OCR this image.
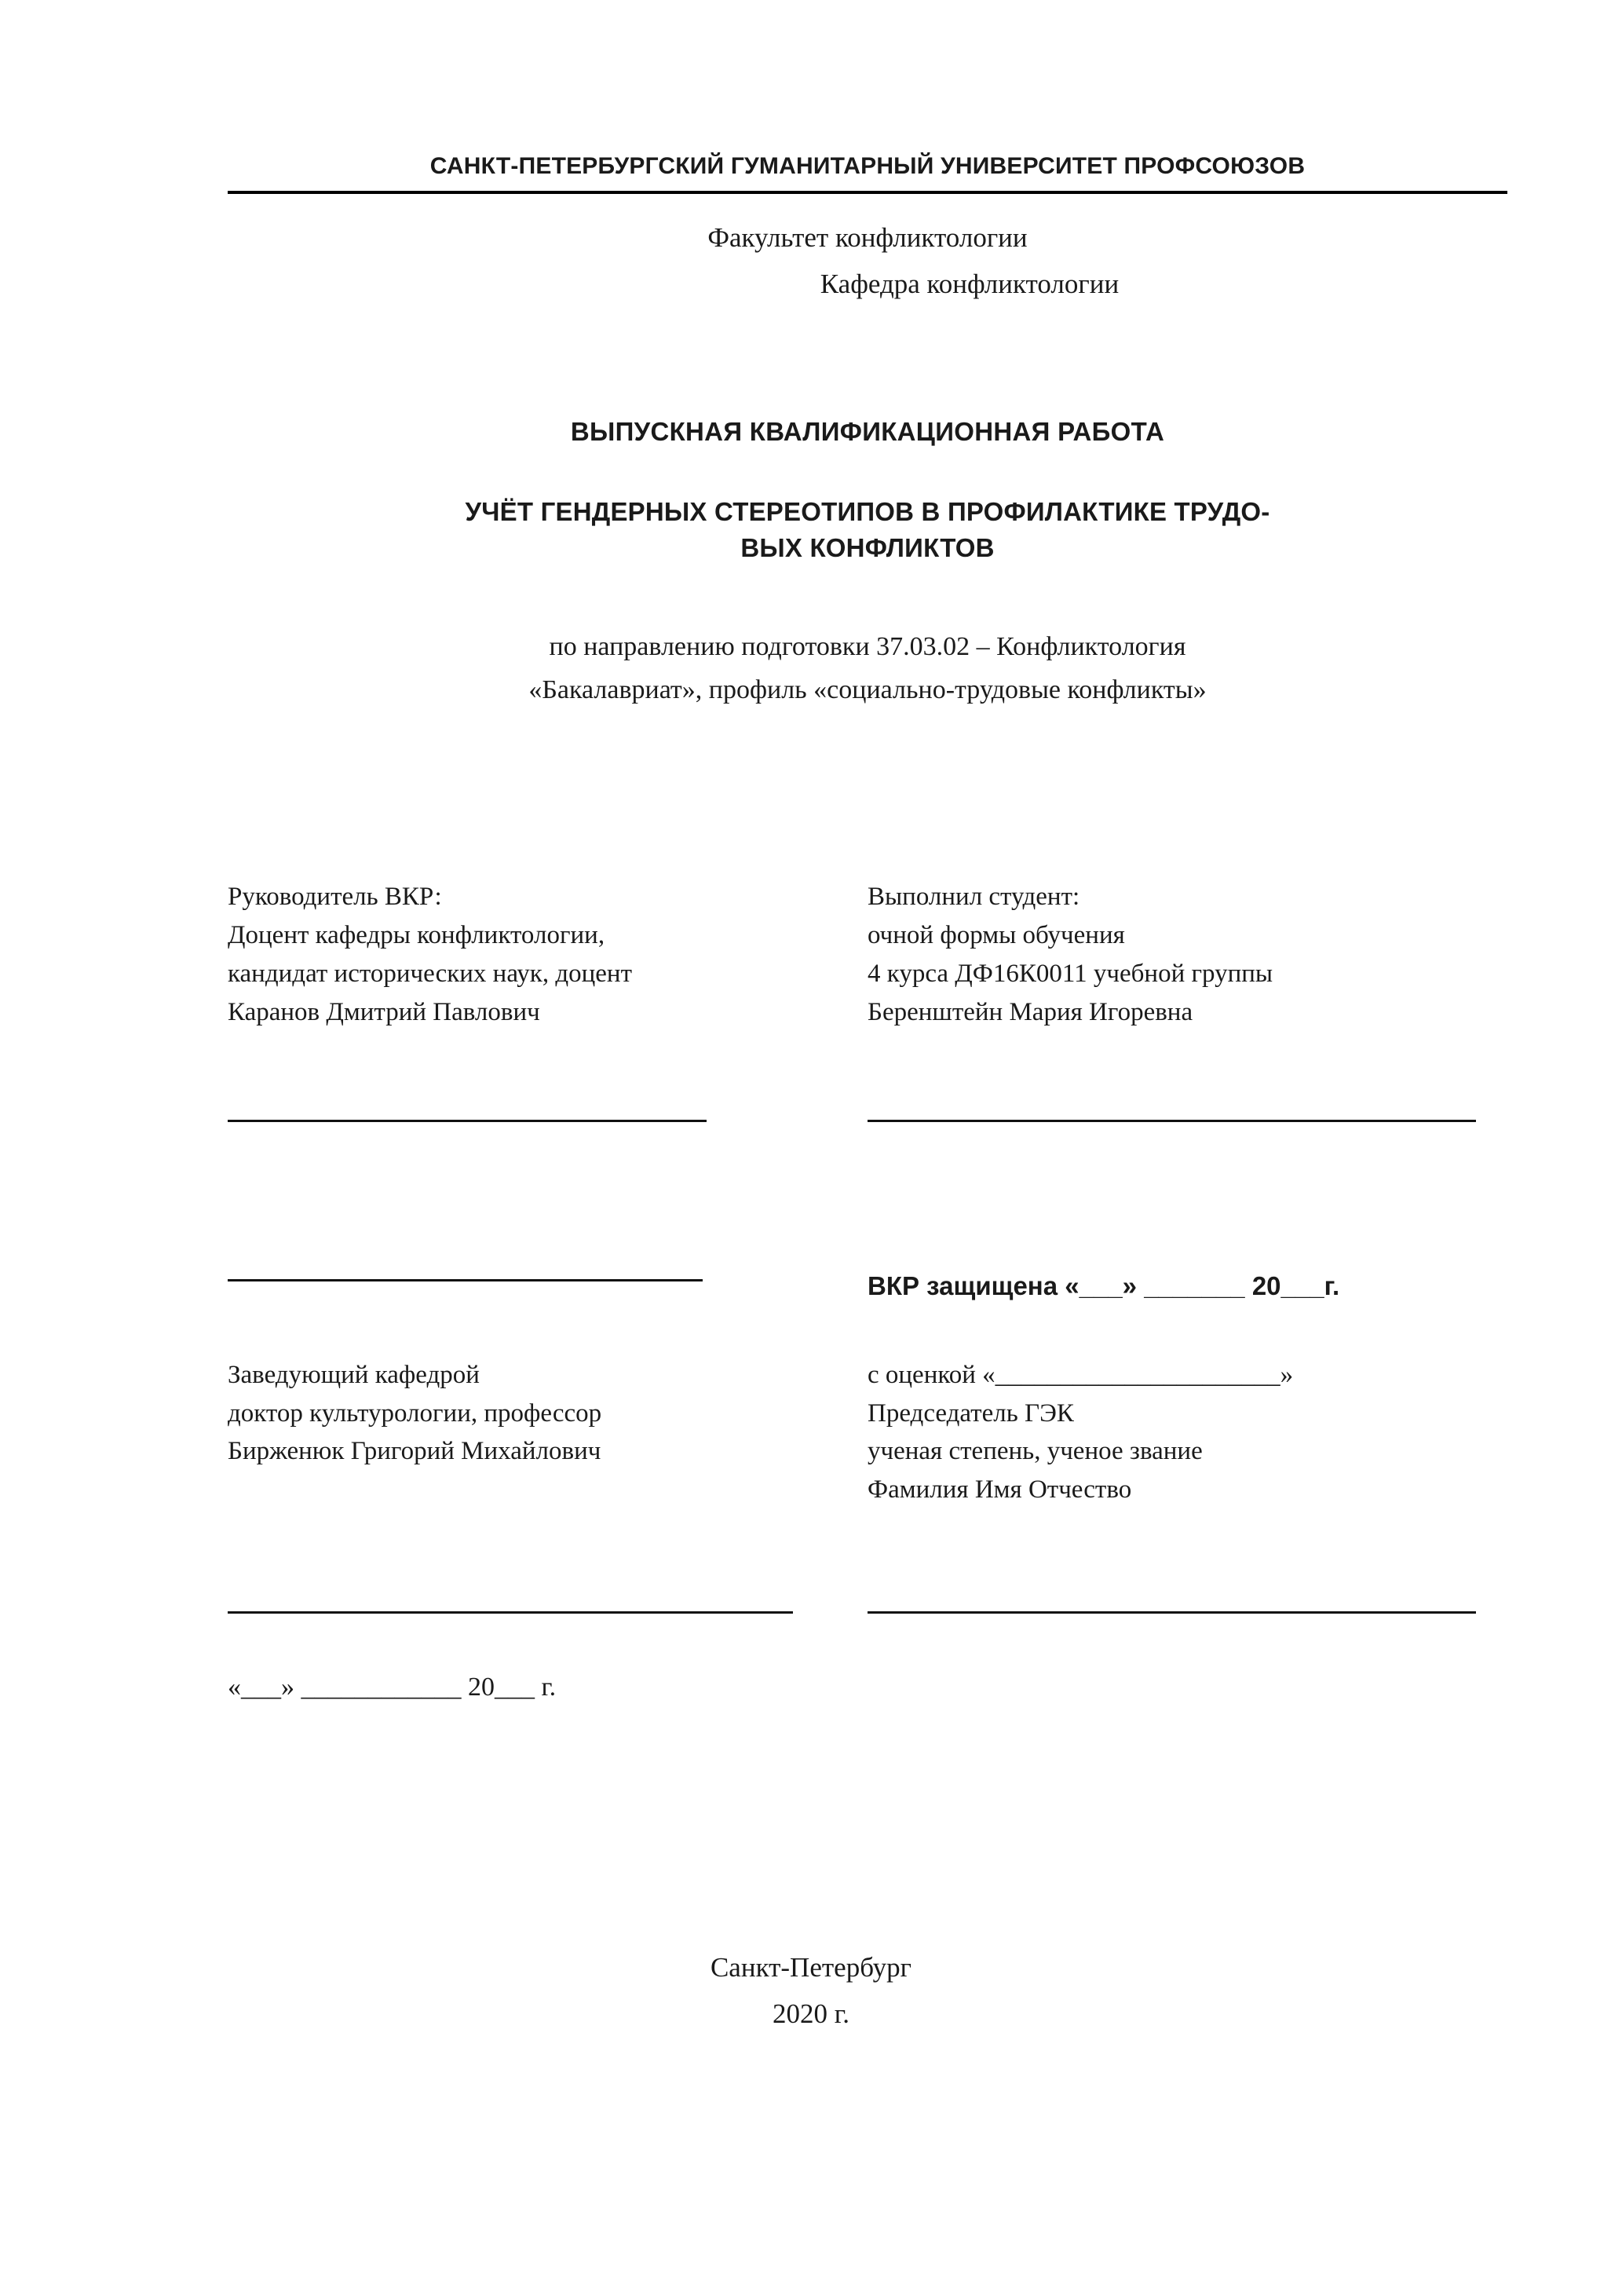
САНКТ-ПЕТЕРБУРГСКИЙ ГУМАНИТАРНЫЙ УНИВЕРСИТЕТ ПРОФСОЮЗОВ
Факультет конфликтологии
Кафедра конфликтологии
ВЫПУСКНАЯ КВАЛИФИКАЦИОННАЯ РАБОТА
УЧЁТ ГЕНДЕРНЫХ СТЕРЕОТИПОВ В ПРОФИЛАКТИКЕ ТРУДО-
ВЫХ КОНФЛИКТОВ
по направлению подготовки 37.03.02 – Конфликтология
«Бакалавриат», профиль «социально-трудовые конфликты»
Руководитель ВКР:
Доцент кафедры конфликтологии,
кандидат исторических наук, доцент
Каранов Дмитрий Павлович
Выполнил студент:
очной формы обучения
4 курса ДФ16К0011 учебной группы
Беренштейн Мария Игоревна
ВКР защищена «___» _______ 20___г.
Заведующий кафедрой
доктор культурологии, профессор
Бирженюк Григорий Михайлович
с оценкой «______________________»
Председатель ГЭК
ученая степень, ученое звание
Фамилия Имя Отчество
«___» ____________ 20___ г.
Санкт-Петербург
2020 г.
